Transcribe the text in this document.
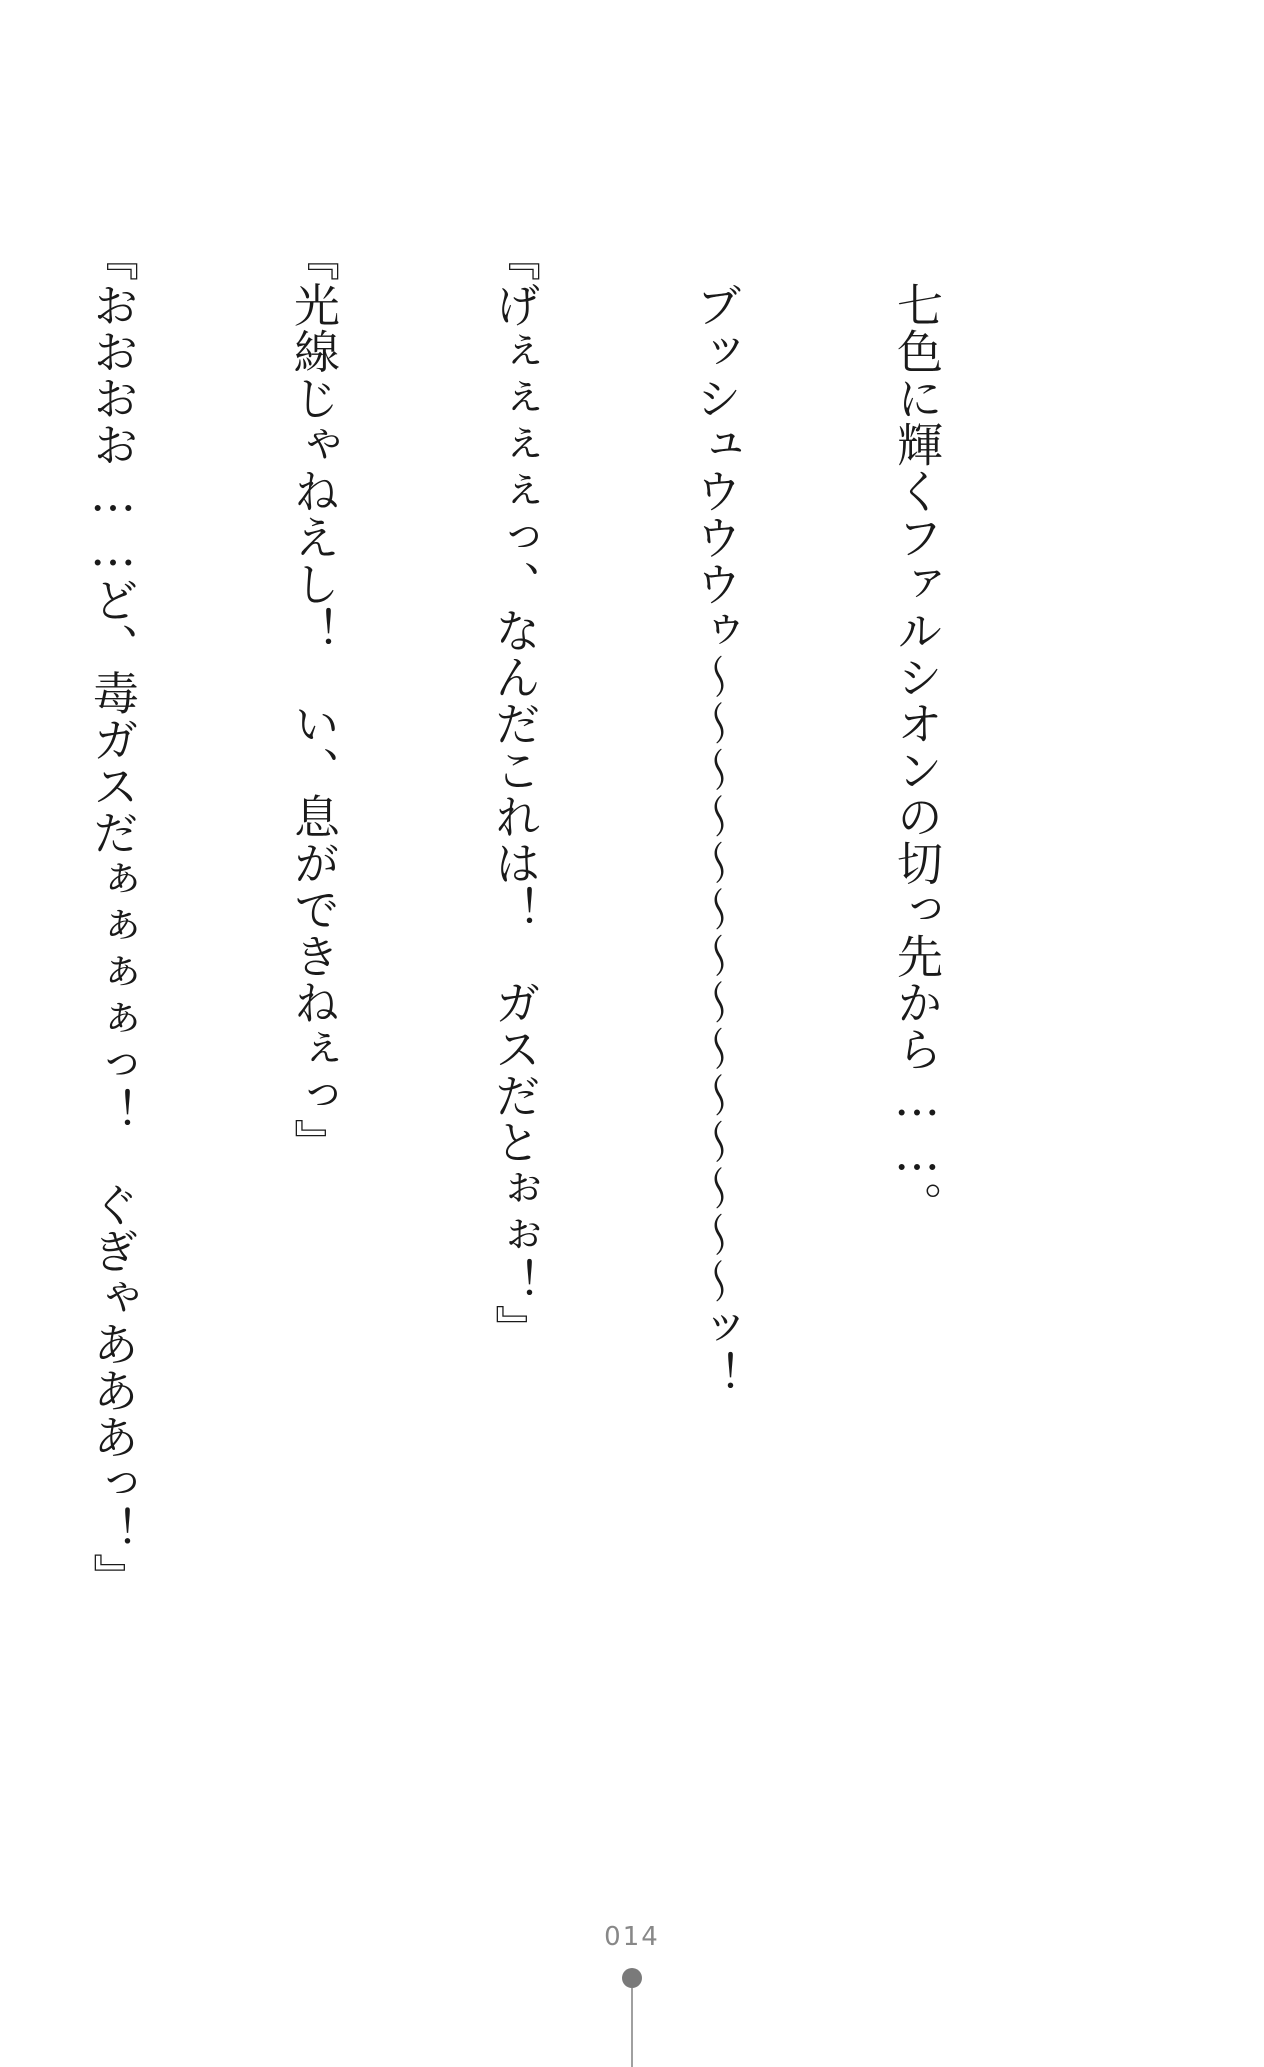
七色に輝くファルシオンの切っ先から……。

ブッシュウウウゥ〜〜〜〜〜〜〜〜〜〜〜〜〜〜ッ！

『げぇぇぇぇっ、なんだこれは！　ガスだとぉぉ！』

『光線じゃねえし！　い、息ができねぇっ』

『おおおお……ど、毒ガスだぁぁぁぁっ！　ぐぎゃあああっ！』

014
